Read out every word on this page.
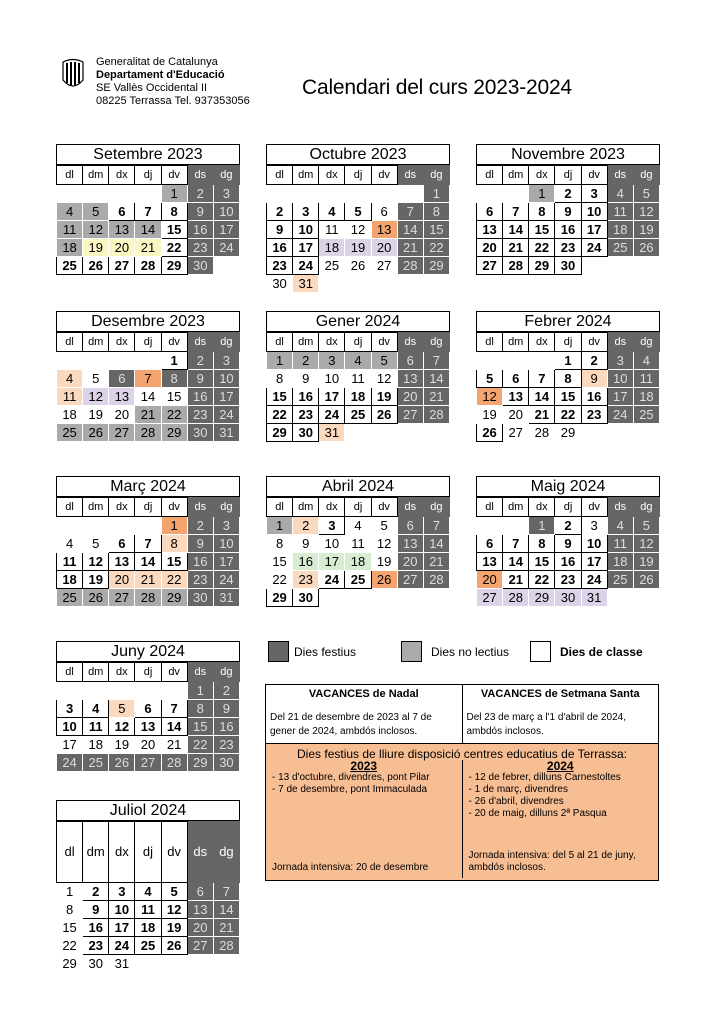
Generalitat de Catalunya
Departament d'Educació
SE Vallès Occidental II
08225 Terrassa Tel. 937353056
Calendari del curs 2023-2024
Setembre 2023
dl	dm	dx	dj	dv	ds	dg
				1	2	3
4	5	6	7	8	9	10
11	12	13	14	15	16	17
18	19	20	21	22	23	24
25	26	27	28	29	30	
Octubre 2023
dl	dm	dx	dj	dv	ds	dg
						1
2	3	4	5	6	7	8
9	10	11	12	13	14	15
16	17	18	19	20	21	22
23	24	25	26	27	28	29
30	31					
Novembre 2023
dl	dm	dx	dj	dv	ds	dg
		1	2	3	4	5
6	7	8	9	10	11	12
13	14	15	16	17	18	19
20	21	22	23	24	25	26
27	28	29	30			
Desembre 2023
dl	dm	dx	dj	dv	ds	dg
				1	2	3
4	5	6	7	8	9	10
11	12	13	14	15	16	17
18	19	20	21	22	23	24
25	26	27	28	29	30	31
Gener 2024
dl	dm	dx	dj	dv	ds	dg
1	2	3	4	5	6	7
8	9	10	11	12	13	14
15	16	17	18	19	20	21
22	23	24	25	26	27	28
29	30	31				
Febrer 2024
dl	dm	dx	dj	dv	ds	dg
			1	2	3	4
5	6	7	8	9	10	11
12	13	14	15	16	17	18
19	20	21	22	23	24	25
26	27	28	29			
Març 2024
dl	dm	dx	dj	dv	ds	dg
				1	2	3
4	5	6	7	8	9	10
11	12	13	14	15	16	17
18	19	20	21	22	23	24
25	26	27	28	29	30	31
Abril 2024
dl	dm	dx	dj	dv	ds	dg
1	2	3	4	5	6	7
8	9	10	11	12	13	14
15	16	17	18	19	20	21
22	23	24	25	26	27	28
29	30					
Maig 2024
dl	dm	dx	dj	dv	ds	dg
		1	2	3	4	5
6	7	8	9	10	11	12
13	14	15	16	17	18	19
20	21	22	23	24	25	26
27	28	29	30	31		
Juny 2024
dl	dm	dx	dj	dv	ds	dg
					1	2
3	4	5	6	7	8	9
10	11	12	13	14	15	16
17	18	19	20	21	22	23
24	25	26	27	28	29	30
Juliol 2024
dl	dm	dx	dj	dv	ds	dg
1	2	3	4	5	6	7
8	9	10	11	12	13	14
15	16	17	18	19	20	21
22	23	24	25	26	27	28
29	30	31				
Dies festius	Dies no lectius	Dies de classe
VACANCES de Nadal
Del 21 de desembre de 2023 al 7 de gener de 2024, ambdós inclosos.
VACANCES de Setmana Santa
Del 23 de març a l'1 d'abril de 2024, ambdós inclosos.
Dies festius de lliure disposició centres educatius de Terrassa:
2023
- 13 d'octubre, divendres, pont Pilar
- 7 de desembre, pont Immaculada
Jornada intensiva: 20 de desembre
2024
- 12 de febrer, dilluns Carnestoltes
- 1 de març, divendres
- 26 d'abril, divendres
- 20 de maig, dilluns 2ª Pasqua
Jornada intensiva: del 5 al 21 de juny, ambdós inclosos.
